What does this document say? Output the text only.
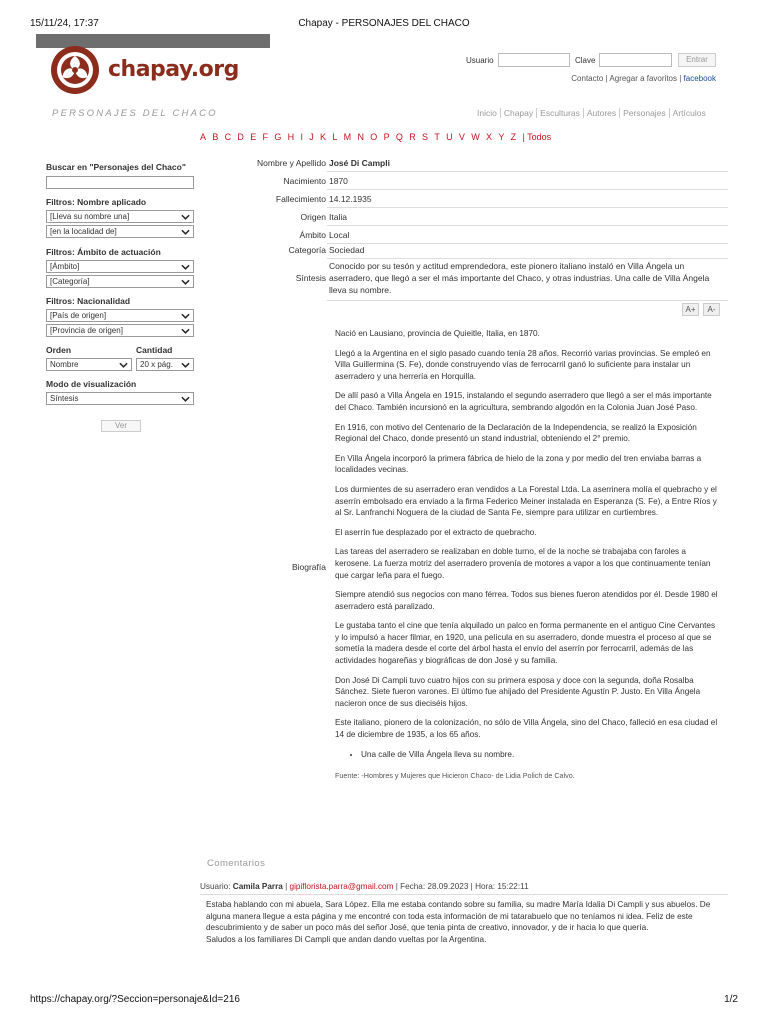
15/11/24, 17:37	Chapay - PERSONAJES DEL CHACO
chapay.org	Usuario	Clave	Entrar
Contacto | Agregar a favoritos | facebook
PERSONAJES DEL CHACO	Inicio Chapay Esculturas Autores Personajes Artículos
A B C D E F G H I J K L M N O P Q R S T U V W X Y Z | Todos
Buscar en "Personajes del Chaco"
Filtros: Nombre aplicado
[Lleva su nombre una]
[en la localidad de]
Filtros: Ámbito de actuación
[Ámbito]
[Categoría]
Filtros: Nacionalidad
[País de origen]
[Provincia de origen]
Orden	Cantidad
Nombre	20 x pág.
Modo de visualización
Síntesis
Ver
Nombre y Apellido José Di Campli
Nacimiento 1870
Fallecimiento 14.12.1935
Origen Italia
Ámbito Local
Categoría Sociedad
Síntesis
Conocido por su tesón y actitud emprendedora, este pionero italiano instaló en Villa Ángela un aserradero, que llegó a ser el más importante del Chaco, y otras industrias. Una calle de Villa Ángela lleva su nombre.
A+	A-
Biografía

Nació en Lausiano, provincia de Quieitle, Italia, en 1870.

Llegó a la Argentina en el siglo pasado cuando tenía 28 años. Recorrió varias provincias. Se empleó en Villa Guillermina (S. Fe), donde construyendo vías de ferrocarril ganó lo suficiente para instalar un aserradero y una herrería en Horquilla.

De allí pasó a Villa Ángela en 1915, instalando el segundo aserradero que llegó a ser el más importante del Chaco. También incursionó en la agricultura, sembrando algodón en la Colonia Juan José Paso.

En 1916, con motivo del Centenario de la Declaración de la Independencia, se realizó la Exposición Regional del Chaco, donde presentó un stand industrial, obteniendo el 2° premio.

En Villa Ángela incorporó la primera fábrica de hielo de la zona y por medio del tren enviaba barras a localidades vecinas.

Los durmientes de su aserradero eran vendidos a La Forestal Ltda. La aserrinera molía el quebracho y el aserrín embolsado era enviado a la firma Federico Meiner instalada en Esperanza (S. Fe), a Entre Ríos y al Sr. Lanfranchi Noguera de la ciudad de Santa Fe, siempre para utilizar en curtiembres.

El aserrín fue desplazado por el extracto de quebracho.

Las tareas del aserradero se realizaban en doble turno, el de la noche se trabajaba con faroles a kerosene. La fuerza motriz del aserradero provenía de motores a vapor a los que continuamente tenían que cargar leña para el fuego.

Siempre atendió sus negocios con mano férrea. Todos sus bienes fueron atendidos por él. Desde 1980 el aserradero está paralizado.

Le gustaba tanto el cine que tenía alquilado un palco en forma permanente en el antiguo Cine Cervantes y lo impulsó a hacer filmar, en 1920, una película en su aserradero, donde muestra el proceso al que se sometía la madera desde el corte del árbol hasta el envío del aserrín por ferrocarril, además de las actividades hogareñas y biográficas de don José y su familia.

Don José Di Campli tuvo cuatro hijos con su primera esposa y doce con la segunda, doña Rosalba Sánchez. Siete fueron varones. El último fue ahijado del Presidente Agustín P. Justo. En Villa Ángela nacieron once de sus dieciséis hijos.

Este italiano, pionero de la colonización, no sólo de Villa Ángela, sino del Chaco, falleció en esa ciudad el 14 de diciembre de 1935, a los 65 años.

• Una calle de Villa Ángela lleva su nombre.

Fuente: -Hombres y Mujeres que Hicieron Chaco- de Lidia Polich de Calvo.

Comentarios
Usuario: Camila Parra | gipiflorista.parra@gmail.com | Fecha: 28.09.2023 | Hora: 15:22:11

Estaba hablando con mi abuela, Sara López. Ella me estaba contando sobre su familia, su madre María Idalia Di Campli y sus abuelos. De alguna manera llegue a esta página y me encontré con toda esta información de mi tatarabuelo que no teníamos ni idea. Feliz de este descubrimiento y de saber un poco más del señor José, que tenia pinta de creativo, innovador, y de ir hacia lo que quería.

Saludos a los familiares Di Campli que andan dando vueltas por la Argentina.

https://chapay.org/?Seccion=personaje&Id=216	1/2
